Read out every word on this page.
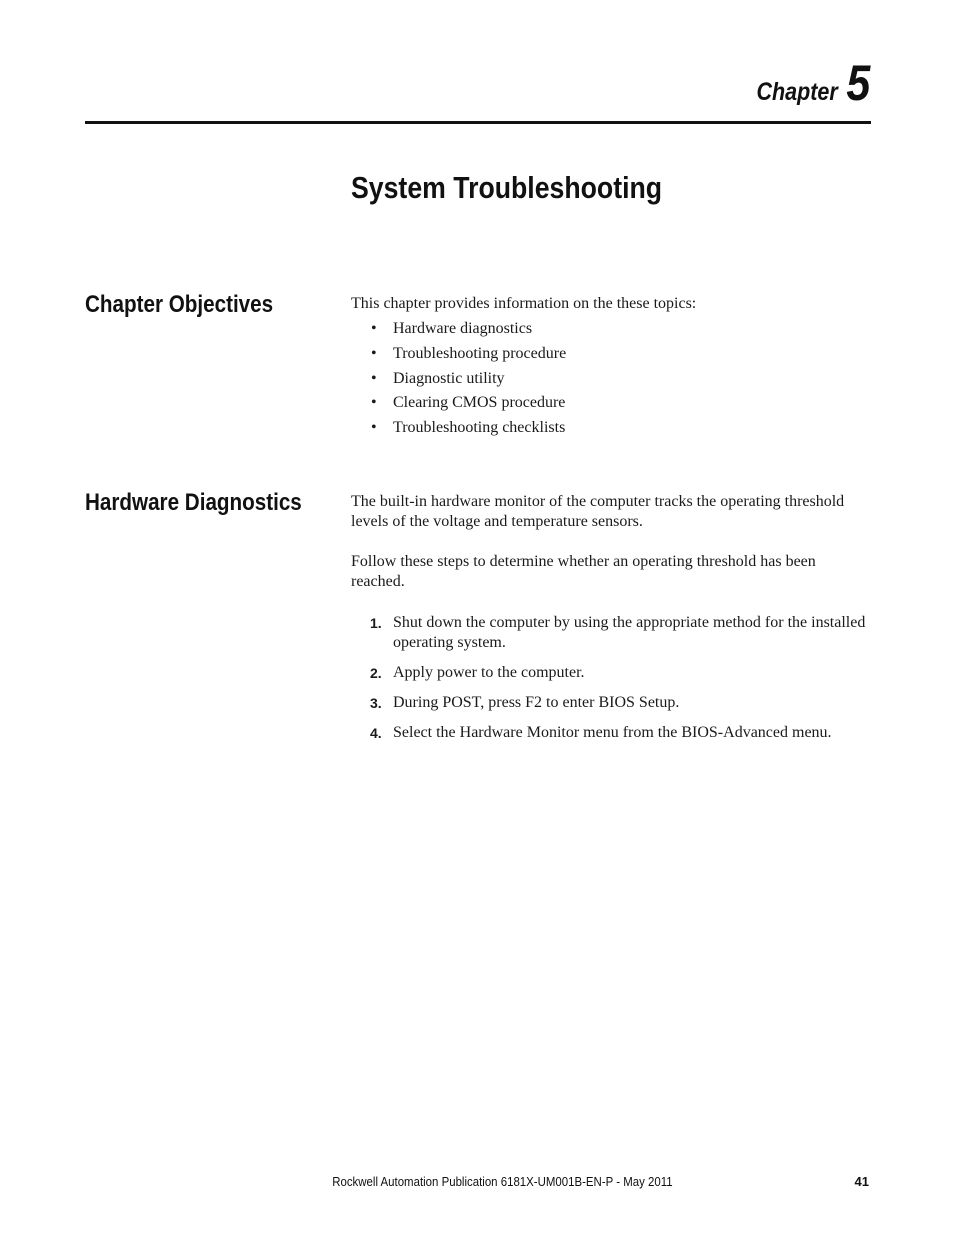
Chapter 5
System Troubleshooting
Chapter Objectives	This chapter provides information on the these topics:

• Hardware diagnostics
• Troubleshooting procedure
• Diagnostic utility
• Clearing CMOS procedure
• Troubleshooting checklists
Hardware Diagnostics	The built-in hardware monitor of the computer tracks the operating threshold levels of the voltage and temperature sensors.

Follow these steps to determine whether an operating threshold has been reached.

1. Shut down the computer by using the appropriate method for the installed operating system.
2. Apply power to the computer.
3. During POST, press F2 to enter BIOS Setup.
4. Select the Hardware Monitor menu from the BIOS-Advanced menu.
Rockwell Automation Publication 6181X-UM001B-EN-P - May 2011	41
